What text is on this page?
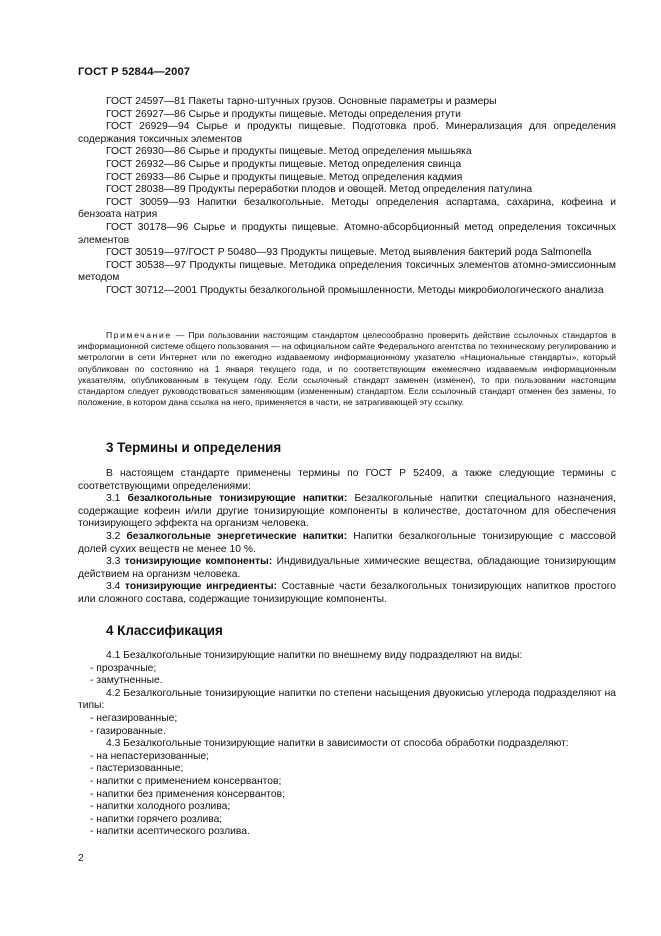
ГОСТ Р 52844—2007

ГОСТ 24597—81 Пакеты тарно-штучных грузов. Основные параметры и размеры

ГОСТ 26927—86 Сырье и продукты пищевые. Методы определения ртути

ГОСТ 26929—94 Сырье и продукты пищевые. Подготовка проб. Минерализация для определения содержания токсичных элементов

ГОСТ 26930—86 Сырье и продукты пищевые. Метод определения мышьяка

ГОСТ 26932—86 Сырье и продукты пищевые. Метод определения свинца

ГОСТ 26933—86 Сырье и продукты пищевые. Метод определения кадмия

ГОСТ 28038—89 Продукты переработки плодов и овощей. Метод определения патулина

ГОСТ 30059—93 Напитки безалкогольные. Методы определения аспартама, сахарина, кофеина и бензоата натрия

ГОСТ 30178—96 Сырье и продукты пищевые. Атомно-абсорбционный метод определения токсичных элементов

ГОСТ 30519—97/ГОСТ Р 50480—93 Продукты пищевые. Метод выявления бактерий рода Salmonella

ГОСТ 30538—97 Продукты пищевые. Методика определения токсичных элементов атомно-эмиссионным методом

ГОСТ 30712—2001 Продукты безалкогольной промышленности. Методы микробиологического анализа

Примечание — При пользовании настоящим стандартом целесообразно проверить действие ссылочных стандартов в информационной системе общего пользования — на официальном сайте Федерального агентства по техническому регулированию и метрологии в сети Интернет или по ежегодно издаваемому информационному указателю «Национальные стандарты», который опубликован по состоянию на 1 января текущего года, и по соответствующим ежемесячно издаваемым информационным указателям, опубликованным в текущем году. Если ссылочный стандарт заменен (изменен), то при пользовании настоящим стандартом следует руководствоваться заменяющим (измененным) стандартом. Если ссылочный стандарт отменен без замены, то положение, в котором дана ссылка на него, применяется в части, не затрагивающей эту ссылку.

3 Термины и определения

В настоящем стандарте применены термины по ГОСТ Р 52409, а также следующие термины с соответствующими определениями:

3.1 безалкогольные тонизирующие напитки: Безалкогольные напитки специального назначения, содержащие кофеин и/или другие тонизирующие компоненты в количестве, достаточном для обеспечения тонизирующего эффекта на организм человека.

3.2 безалкогольные энергетические напитки: Напитки безалкогольные тонизирующие с массовой долей сухих веществ не менее 10 %.

3.3 тонизирующие компоненты: Индивидуальные химические вещества, обладающие тонизирующим действием на организм человека.

3.4 тонизирующие ингредиенты: Составные части безалкогольных тонизирующих напитков простого или сложного состава, содержащие тонизирующие компоненты.

4 Классификация

4.1 Безалкогольные тонизирующие напитки по внешнему виду подразделяют на виды:

- прозрачные;

- замутненные.

4.2 Безалкогольные тонизирующие напитки по степени насыщения двуокисью углерода подразделяют на типы:

- негазированные;

- газированные.

4.3 Безалкогольные тонизирующие напитки в зависимости от способа обработки подразделяют:

- на непастеризованные;

- пастеризованные;

- напитки с применением консервантов;

- напитки без применения консервантов;

- напитки холодного розлива;

- напитки горячего розлива;

- напитки асептического розлива.

2
